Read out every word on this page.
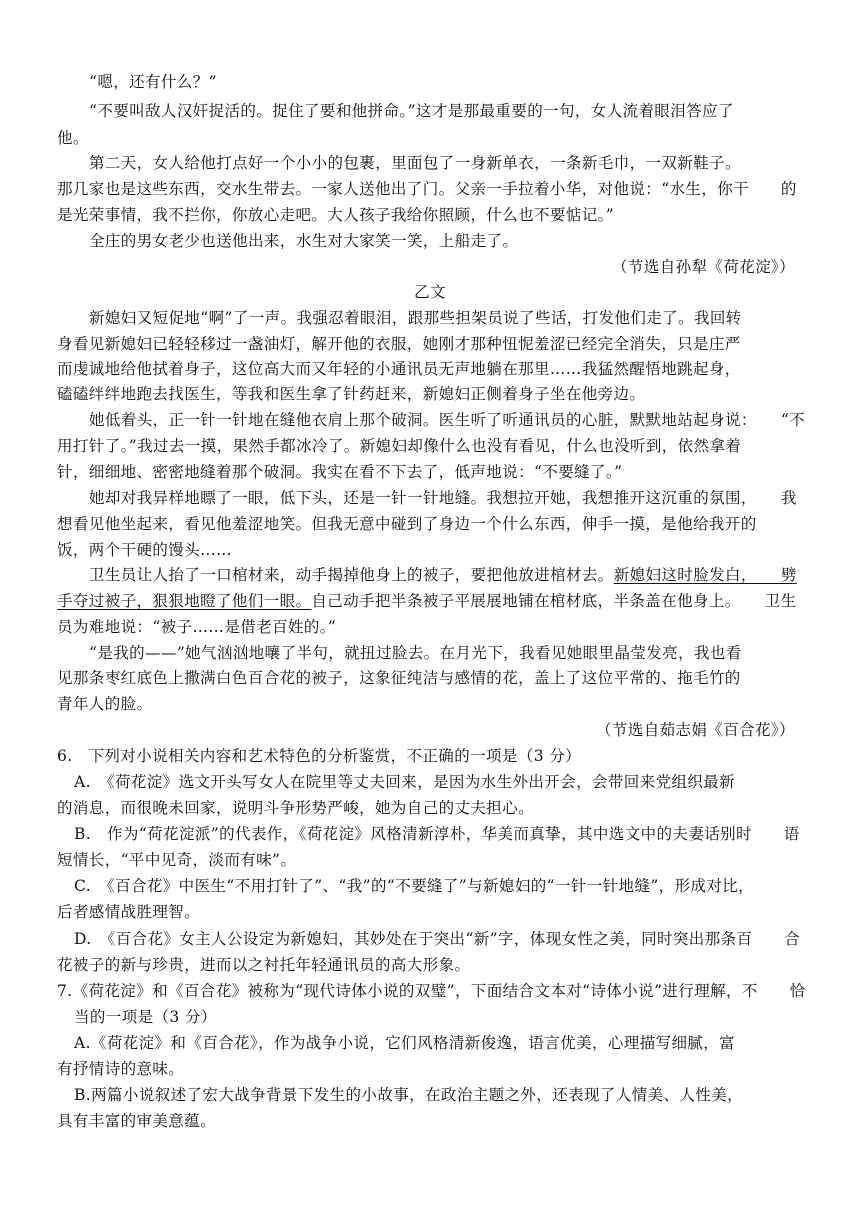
“嗯，还有什么？”
“不要叫敌人汉奸捉活的。捉住了要和他拼命。”这才是那最重要的一句，女人流着眼泪答应了
他。
第二天，女人给他打点好一个小小的包裹，里面包了一身新单衣，一条新毛巾，一双新鞋子。
那几家也是这些东西，交水生带去。一家人送他出了门。父亲一手拉着小华，对他说：“水生，你干　　的
是光荣事情，我不拦你，你放心走吧。大人孩子我给你照顾，什么也不要惦记。”
全庄的男女老少也送他出来，水生对大家笑一笑，上船走了。
（节选自孙犁《荷花淀》）
乙文
新媳妇又短促地“啊”了一声。我强忍着眼泪，跟那些担架员说了些话，打发他们走了。我回转
身看见新媳妇已轻轻移过一盏油灯，解开他的衣服，她刚才那种忸怩羞涩已经完全消失，只是庄严
而虔诚地给他拭着身子，这位高大而又年轻的小通讯员无声地躺在那里……我猛然醒悟地跳起身，
磕磕绊绊地跑去找医生，等我和医生拿了针药赶来，新媳妇正侧着身子坐在他旁边。
她低着头，正一针一针地在缝他衣肩上那个破洞。医生听了听通讯员的心脏，默默地站起身说：　　“不
用打针了。”我过去一摸，果然手都冰冷了。新媳妇却像什么也没有看见，什么也没听到，依然拿着
针，细细地、密密地缝着那个破洞。我实在看不下去了，低声地说：“不要缝了。”
她却对我异样地瞟了一眼，低下头，还是一针一针地缝。我想拉开她，我想推开这沉重的氛围，　　我
想看见他坐起来，看见他羞涩地笑。但我无意中碰到了身边一个什么东西，伸手一摸，是他给我开的
饭，两个干硬的馒头……
卫生员让人抬了一口棺材来，动手揭掉他身上的被子，要把他放进棺材去。新媳妇这时脸发白，　　劈
手夺过被子，狠狠地瞪了他们一眼。自己动手把半条被子平展展地铺在棺材底，半条盖在他身上。　　卫生
员为难地说：“被子……是借老百姓的。”
“是我的——”她气汹汹地嚷了半句，就扭过脸去。在月光下，我看见她眼里晶莹发亮，我也看
见那条枣红底色上撒满白色百合花的被子，这象征纯洁与感情的花，盖上了这位平常的、拖毛竹的
青年人的脸。
（节选自茹志娟《百合花》）
6.　下列对小说相关内容和艺术特色的分析鉴赏，不正确的一项是（3 分）
A.　《荷花淀》选文开头写女人在院里等丈夫回来，是因为水生外出开会，会带回来党组织最新
的消息，而很晚未回家，说明斗争形势严峻，她为自己的丈夫担心。
B.　作为“荷花淀派”的代表作，《荷花淀》风格清新淳朴，华美而真挚，其中选文中的夫妻话别时　　语
短情长，“平中见奇，淡而有味”。
C.　《百合花》中医生“不用打针了”、“我”的“不要缝了”与新媳妇的“一针一针地缝”，形成对比，
后者感情战胜理智。
D.　《百合花》女主人公设定为新媳妇，其妙处在于突出“新”字，体现女性之美，同时突出那条百　　合
花被子的新与珍贵，进而以之衬托年轻通讯员的高大形象。
7.《荷花淀》和《百合花》被称为“现代诗体小说的双璧”，下面结合文本对“诗体小说”进行理解，不　　恰
当的一项是（3 分）
A.《荷花淀》和《百合花》，作为战争小说，它们风格清新俊逸，语言优美，心理描写细腻，富
有抒情诗的意味。
B.两篇小说叙述了宏大战争背景下发生的小故事，在政治主题之外，还表现了人情美、人性美，
具有丰富的审美意蕴。
